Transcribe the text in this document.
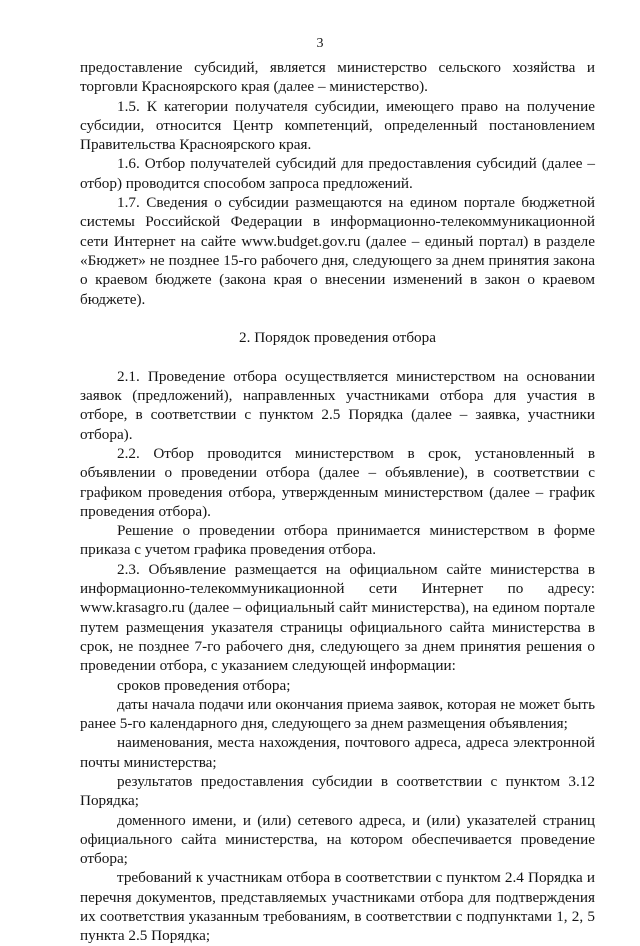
3

предоставление субсидий, является министерство сельского хозяйства и торговли Красноярского края (далее – министерство).

1.5. К категории получателя субсидии, имеющего право на получение субсидии, относится Центр компетенций, определенный постановлением Правительства Красноярского края.

1.6. Отбор получателей субсидий для предоставления субсидий (далее – отбор) проводится способом запроса предложений.

1.7. Сведения о субсидии размещаются на едином портале бюджетной системы Российской Федерации в информационно-телекоммуникационной сети Интернет на сайте www.budget.gov.ru (далее – единый портал) в разделе «Бюджет» не позднее 15-го рабочего дня, следующего за днем принятия закона о краевом бюджете (закона края о внесении изменений в закон о краевом бюджете).

2. Порядок проведения отбора

2.1. Проведение отбора осуществляется министерством на основании заявок (предложений), направленных участниками отбора для участия в отборе, в соответствии с пунктом 2.5 Порядка (далее – заявка, участники отбора).

2.2. Отбор проводится министерством в срок, установленный в объявлении о проведении отбора (далее – объявление), в соответствии с графиком проведения отбора, утвержденным министерством (далее – график проведения отбора).

Решение о проведении отбора принимается министерством в форме приказа с учетом графика проведения отбора.

2.3. Объявление размещается на официальном сайте министерства в информационно-телекоммуникационной сети Интернет по адресу: www.krasagro.ru (далее – официальный сайт министерства), на едином портале путем размещения указателя страницы официального сайта министерства в срок, не позднее 7-го рабочего дня, следующего за днем принятия решения о проведении отбора, с указанием следующей информации:

сроков проведения отбора;

даты начала подачи или окончания приема заявок, которая не может быть ранее 5-го календарного дня, следующего за днем размещения объявления;

наименования, места нахождения, почтового адреса, адреса электронной почты министерства;

результатов предоставления субсидии в соответствии с пунктом 3.12 Порядка;

доменного имени, и (или) сетевого адреса, и (или) указателей страниц официального сайта министерства, на котором обеспечивается проведение отбора;

требований к участникам отбора в соответствии с пунктом 2.4 Порядка и перечня документов, представляемых участниками отбора для подтверждения их соответствия указанным требованиям, в соответствии с подпунктами 1, 2, 5 пункта 2.5 Порядка;
